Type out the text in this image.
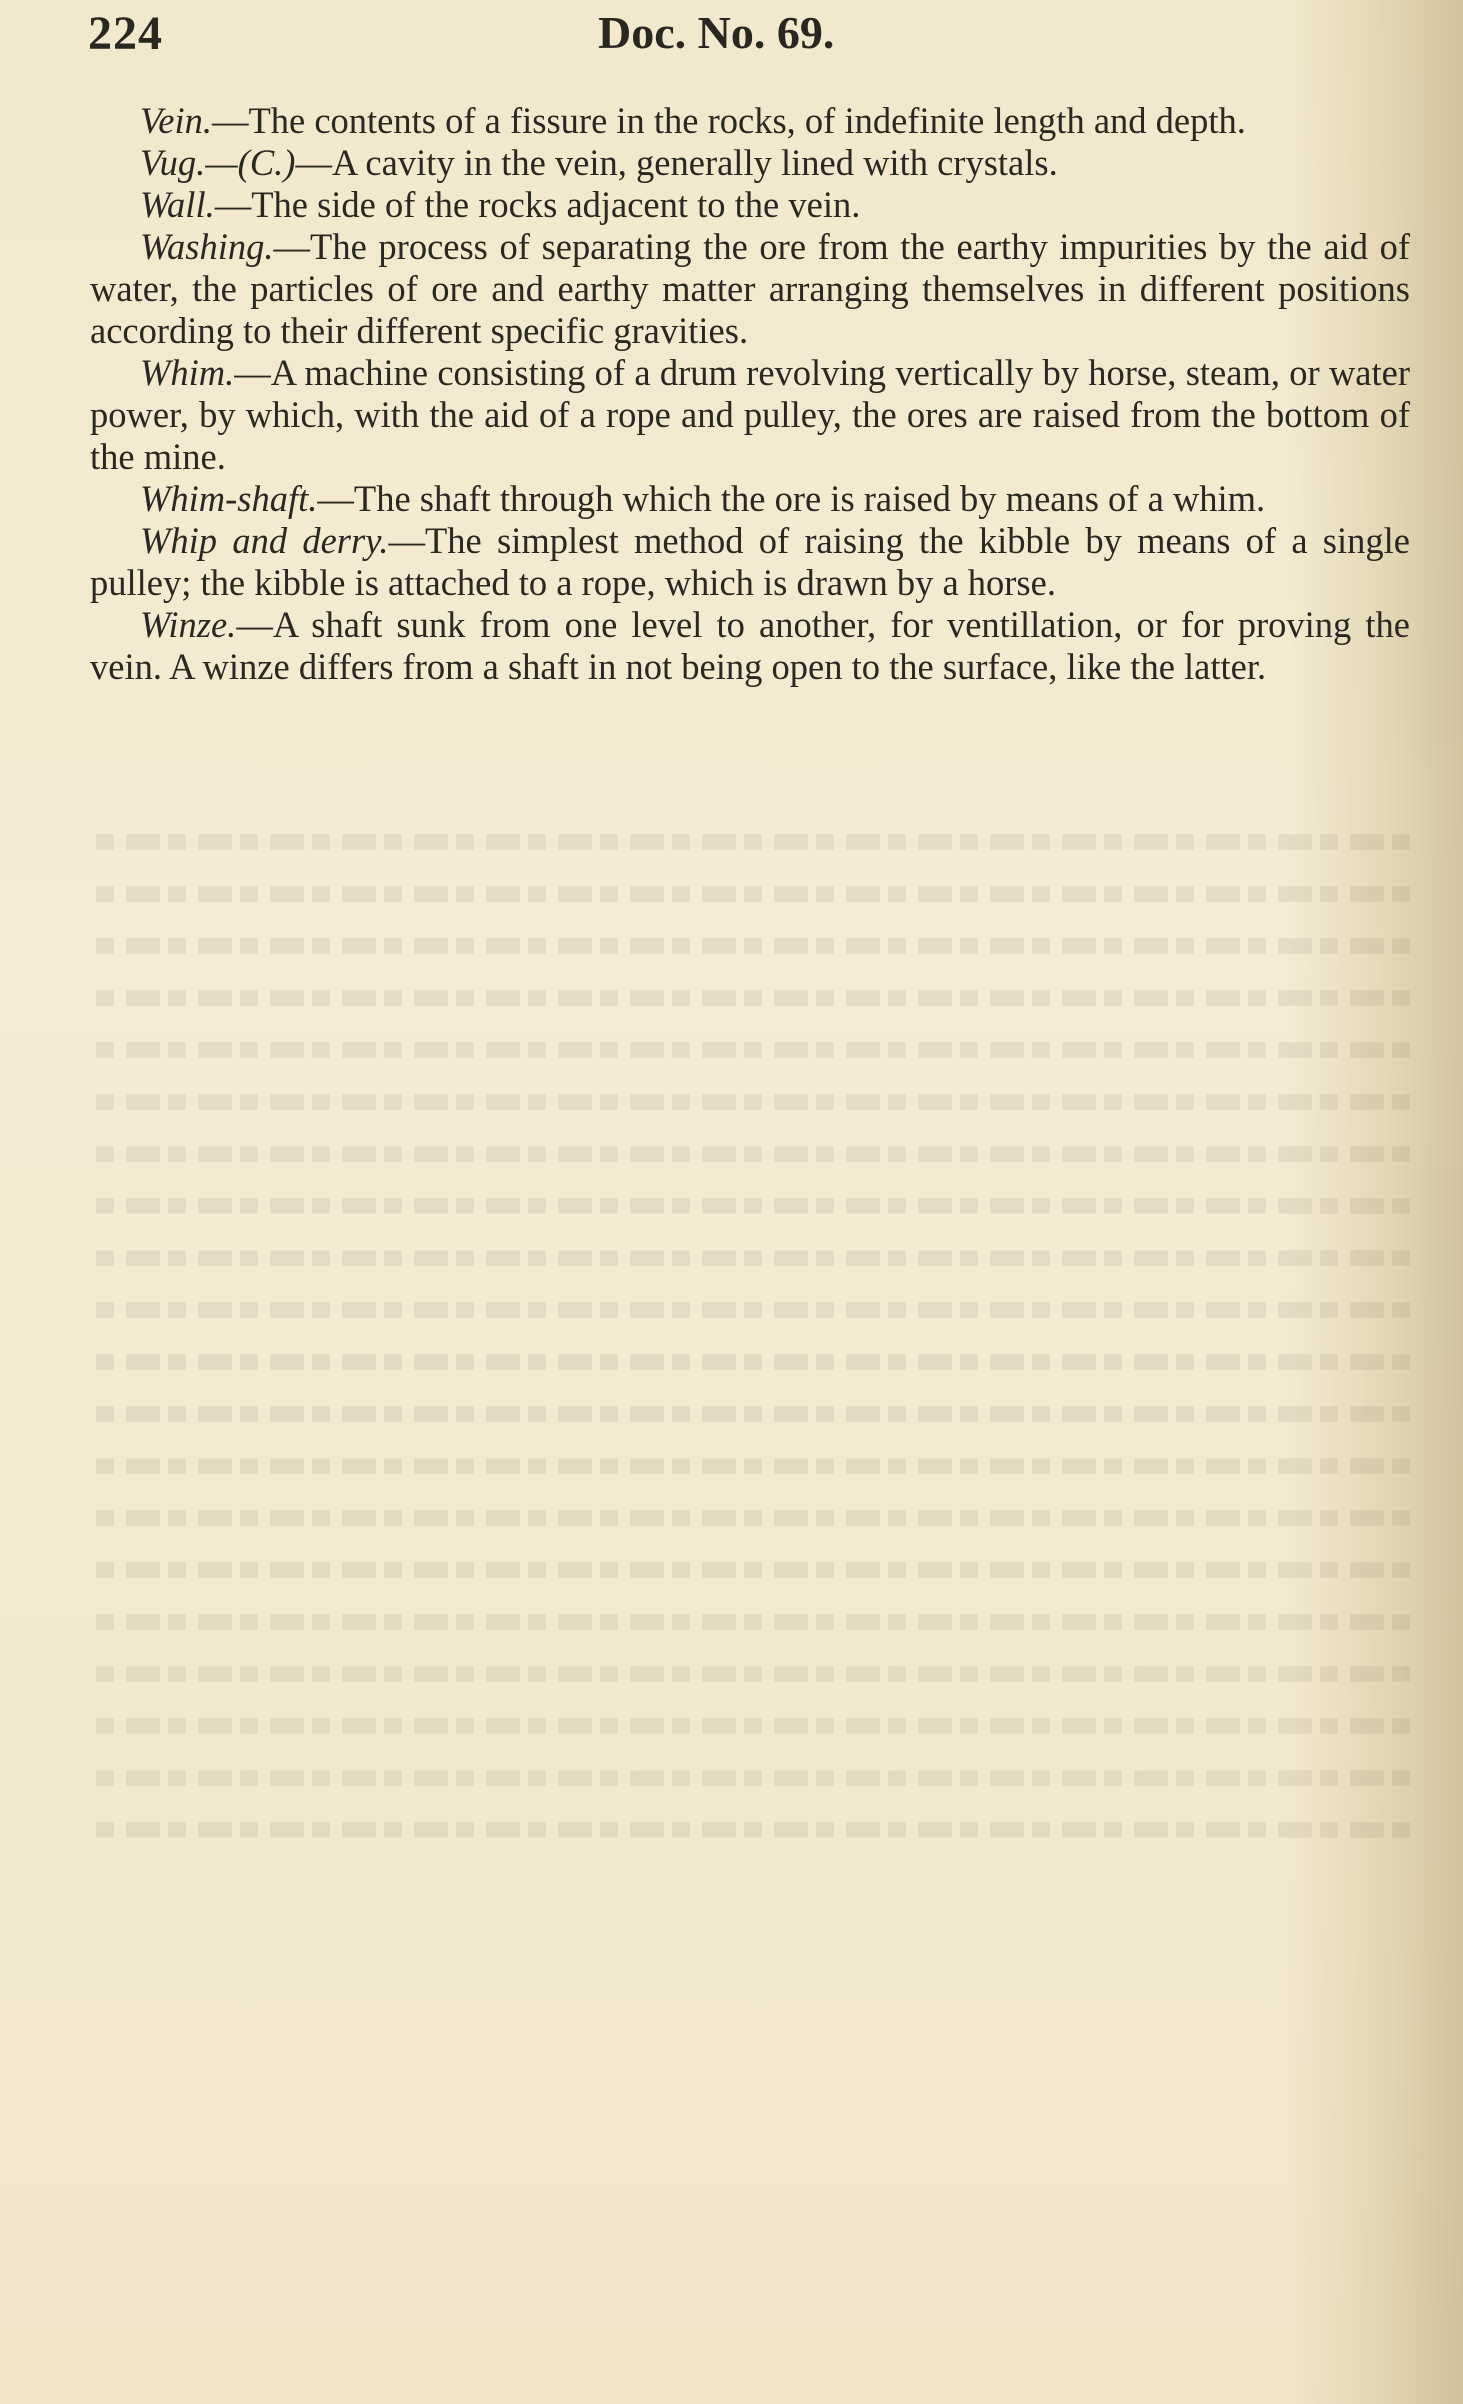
224	Doc. No. 69.

Vein.—The contents of a fissure in the rocks, of indefinite length and depth.

Vug.—(C.)—A cavity in the vein, generally lined with crystals.

Wall.—The side of the rocks adjacent to the vein.

Washing.—The process of separating the ore from the earthy impurities by the aid of water, the particles of ore and earthy matter arranging themselves in different positions according to their different specific gravities.

Whim.—A machine consisting of a drum revolving vertically by horse, steam, or water power, by which, with the aid of a rope and pulley, the ores are raised from the bottom of the mine.

Whim-shaft.—The shaft through which the ore is raised by means of a whim.

Whip and derry.—The simplest method of raising the kibble by means of a single pulley; the kibble is attached to a rope, which is drawn by a horse.

Winze.—A shaft sunk from one level to another, for ventillation, or for proving the vein. A winze differs from a shaft in not being open to the surface, like the latter.
